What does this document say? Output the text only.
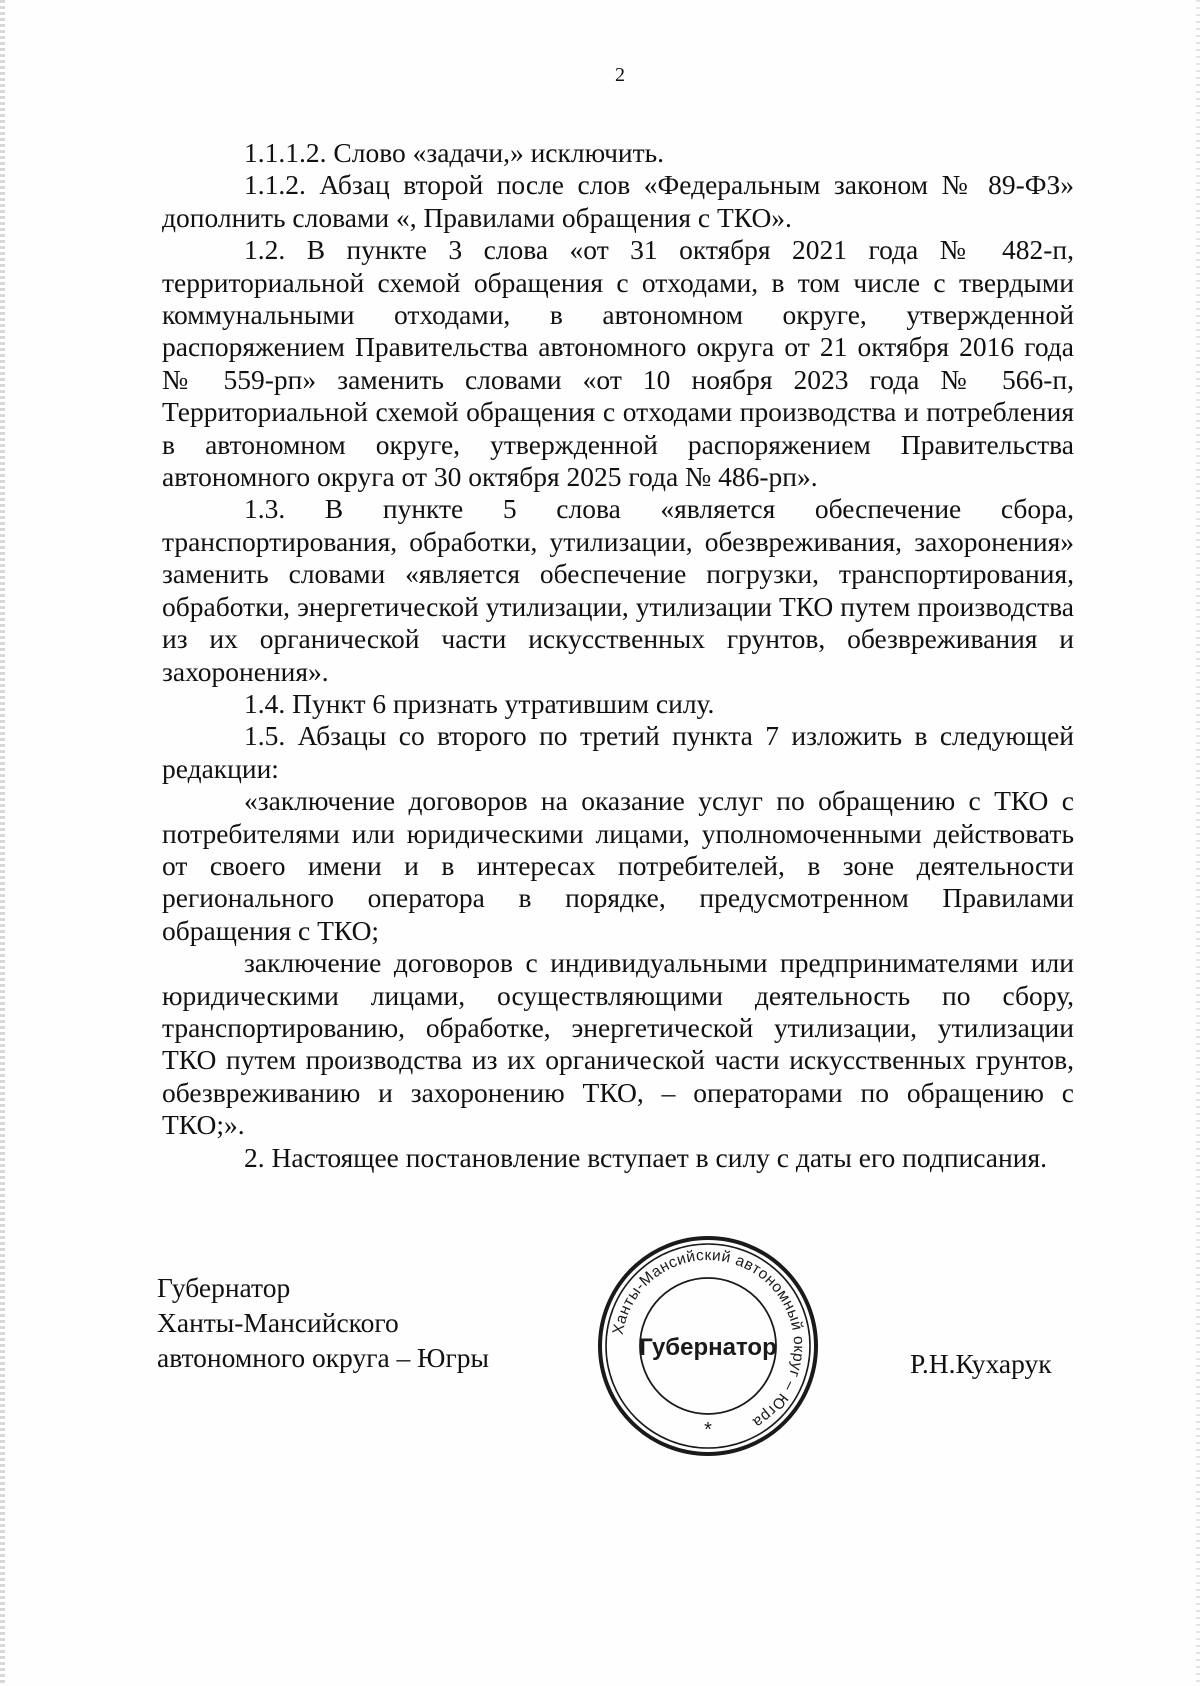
2

1.1.1.2. Слово «задачи,» исключить.

1.1.2. Абзац второй после слов «Федеральным законом № 89-ФЗ» дополнить словами «, Правилами обращения с ТКО».

1.2. В пункте 3 слова «от 31 октября 2021 года № 482-п, территориальной схемой обращения с отходами, в том числе с твердыми коммунальными отходами, в автономном округе, утвержденной распоряжением Правительства автономного округа от 21 октября 2016 года № 559-рп» заменить словами «от 10 ноября 2023 года № 566-п, Территориальной схемой обращения с отходами производства и потребления в автономном округе, утвержденной распоряжением Правительства автономного округа от 30 октября 2025 года № 486-рп».

1.3. В пункте 5 слова «является обеспечение сбора, транспортирования, обработки, утилизации, обезвреживания, захоронения» заменить словами «является обеспечение погрузки, транспортирования, обработки, энергетической утилизации, утилизации ТКО путем производства из их органической части искусственных грунтов, обезвреживания и захоронения».

1.4. Пункт 6 признать утратившим силу.

1.5. Абзацы со второго по третий пункта 7 изложить в следующей редакции:

«заключение договоров на оказание услуг по обращению с ТКО с потребителями или юридическими лицами, уполномоченными действовать от своего имени и в интересах потребителей, в зоне деятельности регионального оператора в порядке, предусмотренном Правилами обращения с ТКО;

заключение договоров с индивидуальными предпринимателями или юридическими лицами, осуществляющими деятельность по сбору, транспортированию, обработке, энергетической утилизации, утилизации ТКО путем производства из их органической части искусственных грунтов, обезвреживанию и захоронению ТКО, – операторами по обращению с ТКО;».

2. Настоящее постановление вступает в силу с даты его подписания.

Губернатор
Ханты-Мансийского
автономного округа – Югры
Ханты-Мансийский автономный округ – Югра
Губернатор
*
Р.Н.Кухарук
